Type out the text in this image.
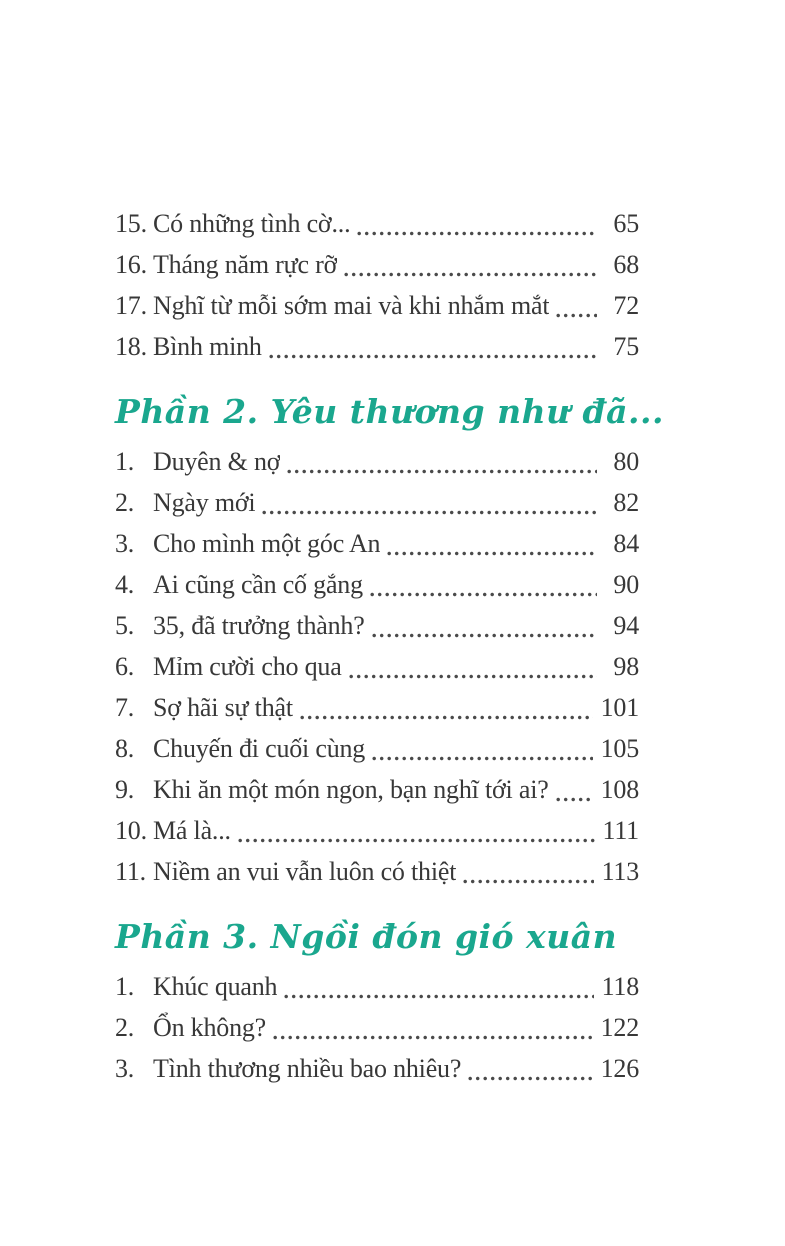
15. Có những tình cờ...	65
16. Tháng năm rực rỡ	68
17. Nghĩ từ mỗi sớm mai và khi nhắm mắt	72
18. Bình minh	75
Phần 2. Yêu thương như đã...
1. Duyên & nợ	80
2. Ngày mới	82
3. Cho mình một góc An	84
4. Ai cũng cần cố gắng	90
5. 35, đã trưởng thành?	94
6. Mỉm cười cho qua	98
7. Sợ hãi sự thật	101
8. Chuyến đi cuối cùng	105
9. Khi ăn một món ngon, bạn nghĩ tới ai? 108
10. Má là...	111
11. Niềm an vui vẫn luôn có thiệt	113
Phần 3. Ngồi đón gió xuân
1. Khúc quanh	118
2. Ổn không?	122
3. Tình thương nhiều bao nhiêu?	126
